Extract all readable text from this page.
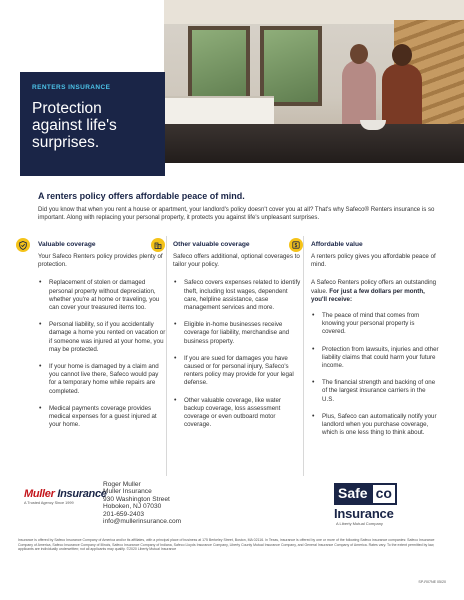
RENTERS INSURANCE
Protection against life's surprises.
A renters policy offers affordable peace of mind.

Did you know that when you rent a house or apartment, your landlord's policy doesn't cover you at all? That's why Safeco® Renters insurance is so important. Along with replacing your personal property, it protects you against life's unpleasant surprises.

Valuable coverage

Your Safeco Renters policy provides plenty of protection.

• Replacement of stolen or damaged personal property without depreciation, whether you're at home or traveling, you can cover your treasured items too.
• Personal liability, so if you accidentally damage a home you rented on vacation or if someone was injured at your home, you may be protected.
• If your home is damaged by a claim and you cannot live there, Safeco would pay for a temporary home while repairs are completed.
• Medical payments coverage provides medical expenses for a guest injured at your home.
Other valuable coverage

Safeco offers additional, optional coverages to tailor your policy.

• Safeco covers expenses related to identify theft, including lost wages, dependent care, helpline assistance, case management services and more.
• Eligible in-home businesses receive coverage for liability, merchandise and business property.
• If you are sued for damages you have caused or for personal injury, Safeco's renters policy may provide for your legal defense.
• Other valuable coverage, like water backup coverage, loss assessment coverage or even outboard motor coverage.
$ Affordable value

A renters policy gives you affordable peace of mind.

A Safeco Renters policy offers an outstanding value. For just a few dollars per month, you'll receive:

• The peace of mind that comes from knowing your personal property is covered.
• Protection from lawsuits, injuries and other liability claims that could harm your future income.
• The financial strength and backing of one of the largest insurance carriers in the U.S.
• Plus, Safeco can automatically notify your landlord when you purchase coverage, which is one less thing to think about.
Muller Insurance
A Trusted Agency Since 1999
Roger Muller
Muller Insurance
930 Washington Street
Hoboken, NJ 07030
201-659-2403
info@mullerinsurance.com
Safe co
Insurance
A Liberty Mutual Company
Insurance is offered by Safeco Insurance Company of America and/or its affiliates, with a principal place of business at 175 Berkeley Street, Boston, MA 02116. In Texas, insurance is offered by one or more of the following Safeco insurance companies: Safeco Insurance Company of America, Safeco Insurance Company of Illinois, Safeco Insurance Company of Indiana, Safeco Lloyds Insurance Company, Liberty County Mutual Insurance Company, and General Insurance Company of America. Rates vary. To the extent permitted by law, applicants are individually underwritten; not all applicants may qualify. ©2020 Liberty Mutual Insurance
SP-R07NE 05/20
